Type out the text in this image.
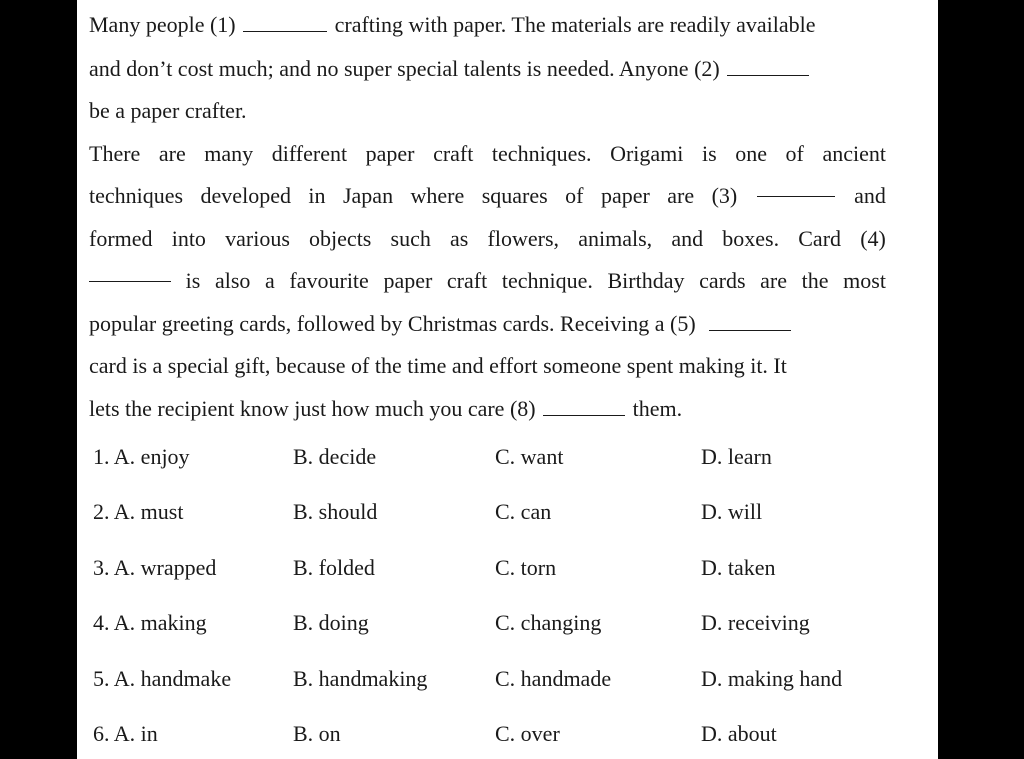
Many people (1)	crafting with paper. The materials are readily available
and don’t cost much; and no super special talents is needed. Anyone (2)
be a paper crafter.
There are many different paper craft techniques. Origami is one of ancient
techniques developed in Japan where squares of paper are (3)	and
formed into various objects such as flowers, animals, and boxes. Card (4)
is also a favourite paper craft technique. Birthday cards are the most
popular greeting cards, followed by Christmas cards. Receiving a (5)
card is a special gift, because of the time and effort someone spent making it. It
lets the recipient know just how much you care (8)	them.
1. A. enjoy	B. decide	C. want	D. learn
2. A. must	B. should	C. can	D. will
3. A. wrapped	B. folded	C. torn	D. taken
4. A. making	B. doing	C. changing	D. receiving
5. A. handmake	B. handmaking	C. handmade	D. making hand
6. A. in	B. on	C. over	D. about
